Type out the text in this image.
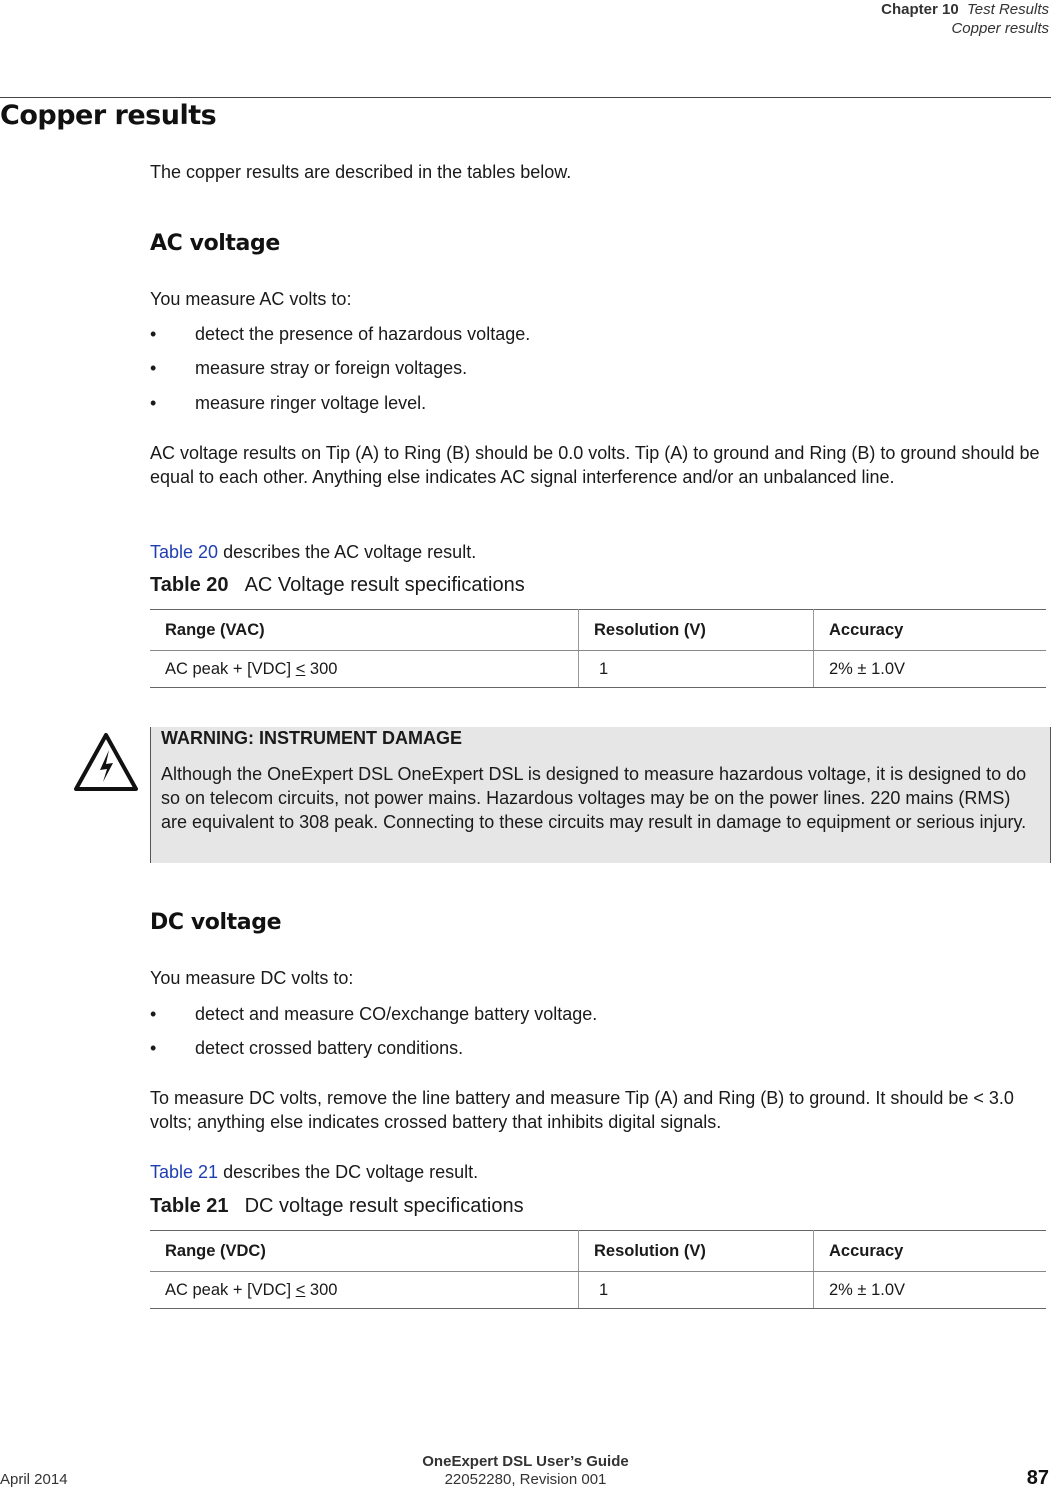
Chapter 10 Test Results
Copper results
Copper results
The copper results are described in the tables below.
AC voltage
You measure AC volts to:
• detect the presence of hazardous voltage.
• measure stray or foreign voltages.
• measure ringer voltage level.
AC voltage results on Tip (A) to Ring (B) should be 0.0 volts. Tip (A) to ground and Ring (B) to ground should be equal to each other. Anything else indicates AC signal interference and/or an unbalanced line.
Table 20 describes the AC voltage result.
Table 20 AC Voltage result specifications
Range (VAC)	Resolution (V)	Accuracy
AC peak + [VDC] < 300	1	2% ± 1.0V
WARNING: INSTRUMENT DAMAGE
Although the OneExpert DSL OneExpert DSL is designed to measure hazardous voltage, it is designed to do so on telecom circuits, not power mains. Hazardous voltages may be on the power lines. 220 mains (RMS) are equivalent to 308 peak. Connecting to these circuits may result in damage to equipment or serious injury.
DC voltage
You measure DC volts to:
• detect and measure CO/exchange battery voltage.
• detect crossed battery conditions.
To measure DC volts, remove the line battery and measure Tip (A) and Ring (B) to ground. It should be < 3.0 volts; anything else indicates crossed battery that inhibits digital signals.
Table 21 describes the DC voltage result.
Table 21 DC voltage result specifications
Range (VDC)	Resolution (V)	Accuracy
AC peak + [VDC] < 300	1	2% ± 1.0V
OneExpert DSL User’s Guide
22052280, Revision 001
April 2014	87
